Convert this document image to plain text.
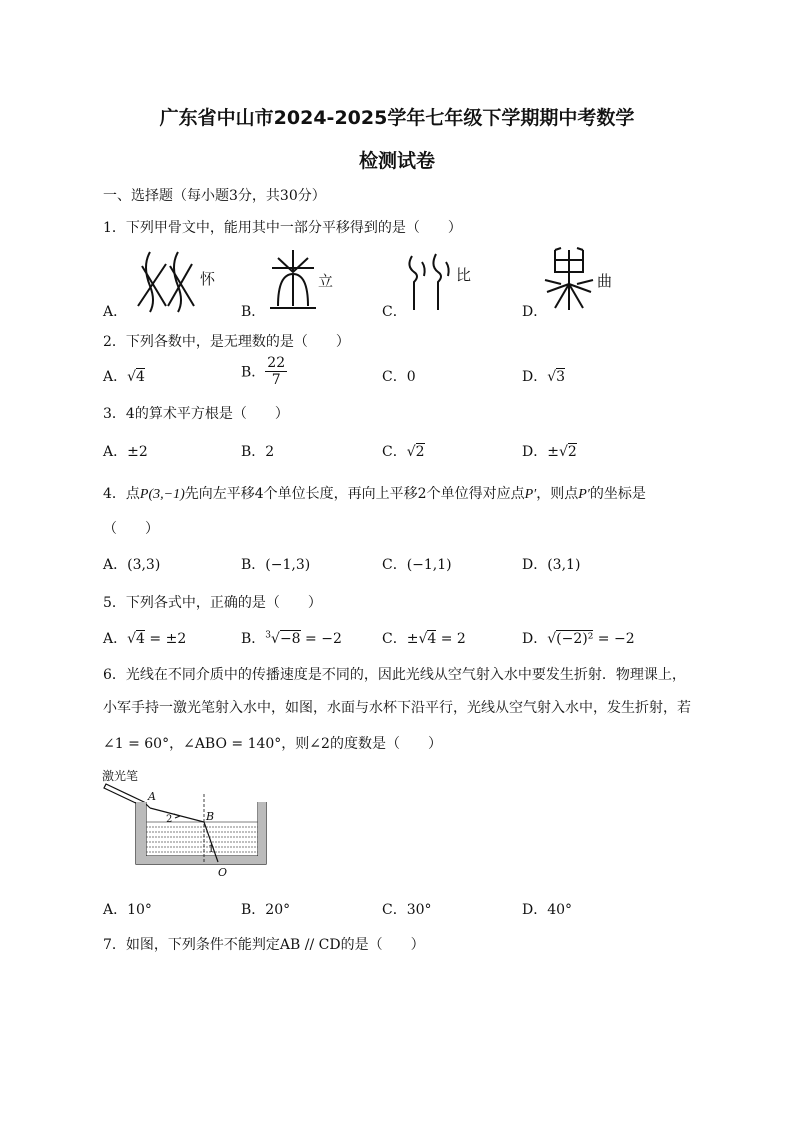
广东省中山市2024-2025学年七年级下学期期中考数学
检测试卷
一、选择题（每小题3分，共30分）
1．下列甲骨文中，能用其中一部分平移得到的是（　　）
怀	立	比	曲
A．	B．	C．	D．
2．下列各数中，是无理数的是（　　）
A．√4	B． $\frac{22}{7}$	C．0	D．√3
3．4的算术平方根是（　　）
A．±2	B．2	C．√2	D．±√2
4．点P(3,−1)先向左平移4个单位长度，再向上平移2个单位得对应点P′，则点P′的坐标是
（　　）
A．(3,3)	B．(−1,3)	C．(−1,1)	D．(3,1)
5．下列各式中，正确的是（　　）
A．√4 = ±2	B．$^3$√−8 = −2	C．±√4 = 2	D．√(−2)² = −2
6．光线在不同介质中的传播速度是不同的，因此光线从空气射入水中要发生折射．物理课上，
小军手持一激光笔射入水中，如图，水面与水杯下沿平行，光线从空气射入水中，发生折射，若
∠1 = 60°，∠ABO = 140°，则∠2的度数是（　　）
激光笔
A
B
O
2
1
A．10°	B．20°	C．30°	D．40°
7．如图，下列条件不能判定AB // CD的是（　　）
